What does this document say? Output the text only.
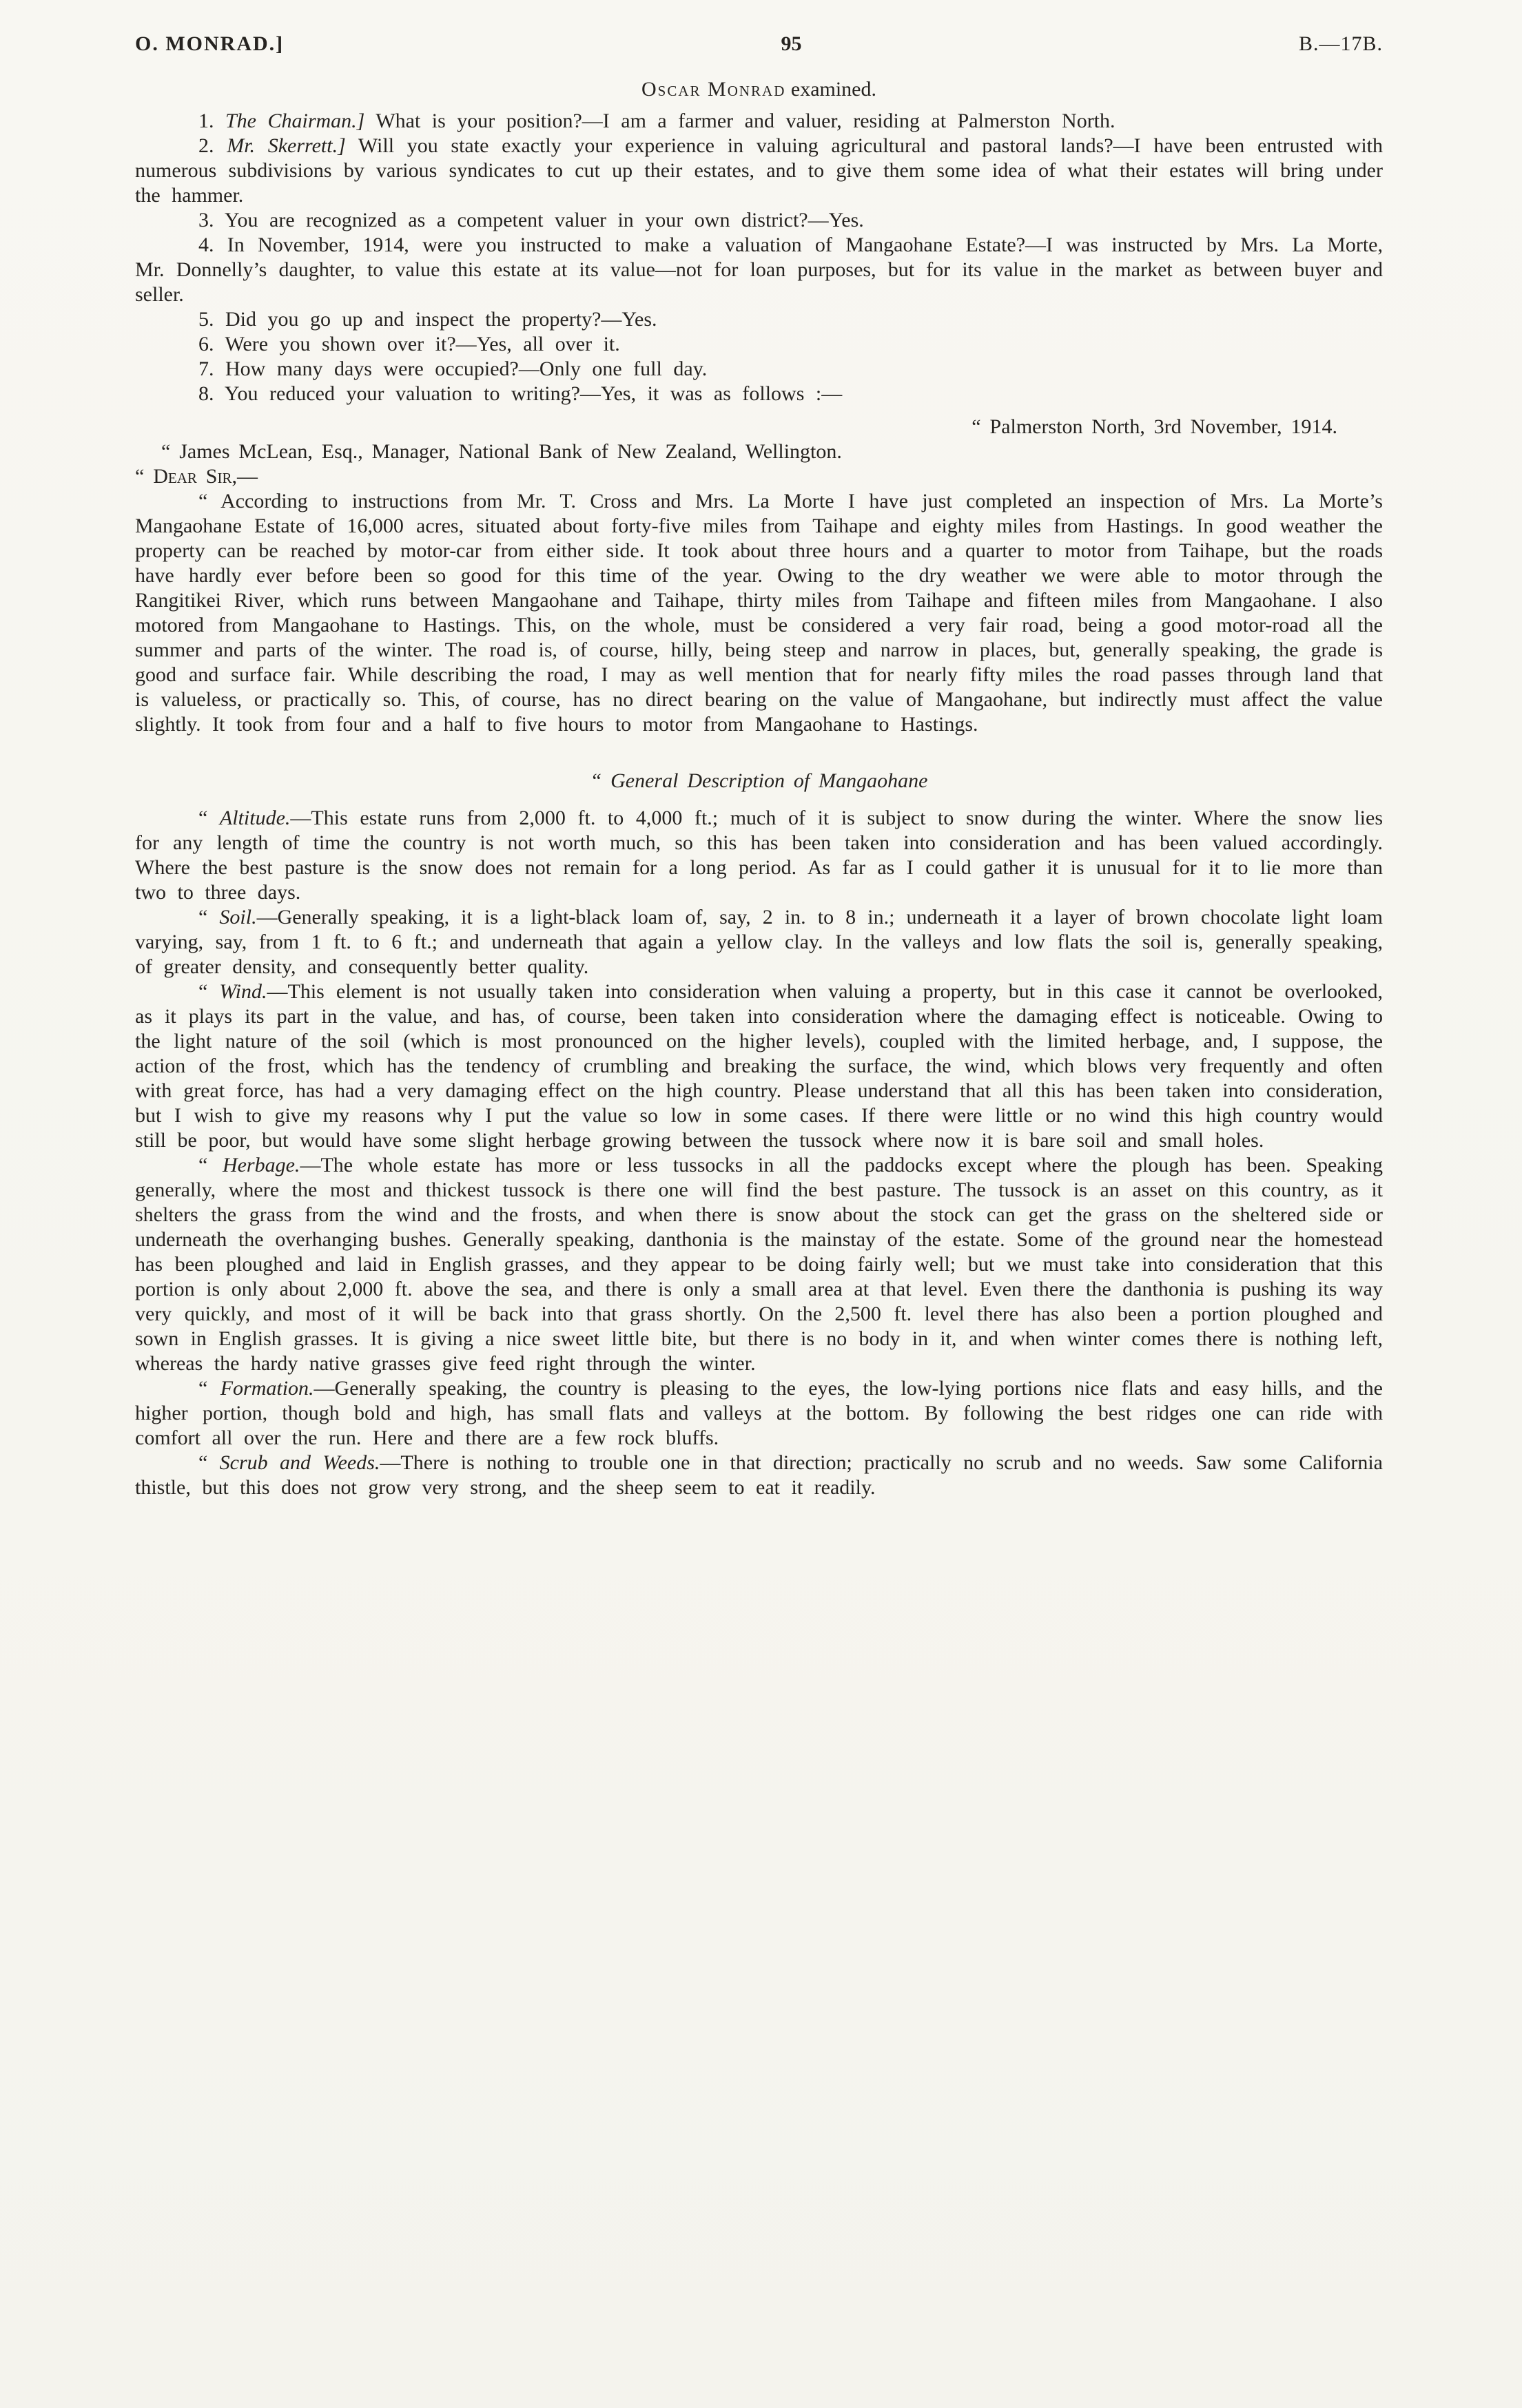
O. MONRAD.]	95	B.—17B.
Oscar Monrad examined.

1. The Chairman.] What is your position?—I am a farmer and valuer, residing at Palmerston North.

2. Mr. Skerrett.] Will you state exactly your experience in valuing agricultural and pastoral lands?—I have been entrusted with numerous subdivisions by various syndicates to cut up their estates, and to give them some idea of what their estates will bring under the hammer.

3. You are recognized as a competent valuer in your own district?—Yes.

4. In November, 1914, were you instructed to make a valuation of Mangaohane Estate?—I was instructed by Mrs. La Morte, Mr. Donnelly’s daughter, to value this estate at its value—not for loan purposes, but for its value in the market as between buyer and seller.

5. Did you go up and inspect the property?—Yes.

6. Were you shown over it?—Yes, all over it.

7. How many days were occupied?—Only one full day.

8. You reduced your valuation to writing?—Yes, it was as follows :—

“ Palmerston North, 3rd November, 1914.

“ James McLean, Esq., Manager, National Bank of New Zealand, Wellington.

“ Dear Sir,—

“ According to instructions from Mr. T. Cross and Mrs. La Morte I have just completed an inspection of Mrs. La Morte’s Mangaohane Estate of 16,000 acres, situated about forty-five miles from Taihape and eighty miles from Hastings. In good weather the property can be reached by motor-car from either side. It took about three hours and a quarter to motor from Taihape, but the roads have hardly ever before been so good for this time of the year. Owing to the dry weather we were able to motor through the Rangitikei River, which runs between Mangaohane and Taihape, thirty miles from Taihape and fifteen miles from Mangaohane. I also motored from Mangaohane to Hastings. This, on the whole, must be considered a very fair road, being a good motor-road all the summer and parts of the winter. The road is, of course, hilly, being steep and narrow in places, but, generally speaking, the grade is good and surface fair. While describing the road, I may as well mention that for nearly fifty miles the road passes through land that is valueless, or practically so. This, of course, has no direct bearing on the value of Mangaohane, but indirectly must affect the value slightly. It took from four and a half to five hours to motor from Mangaohane to Hastings.

“ General Description of Mangaohane

“ Altitude.—This estate runs from 2,000 ft. to 4,000 ft.; much of it is subject to snow during the winter. Where the snow lies for any length of time the country is not worth much, so this has been taken into consideration and has been valued accordingly. Where the best pasture is the snow does not remain for a long period. As far as I could gather it is unusual for it to lie more than two to three days.

“ Soil.—Generally speaking, it is a light-black loam of, say, 2 in. to 8 in.; underneath it a layer of brown chocolate light loam varying, say, from 1 ft. to 6 ft.; and underneath that again a yellow clay. In the valleys and low flats the soil is, generally speaking, of greater density, and consequently better quality.

“ Wind.—This element is not usually taken into consideration when valuing a property, but in this case it cannot be overlooked, as it plays its part in the value, and has, of course, been taken into consideration where the damaging effect is noticeable. Owing to the light nature of the soil (which is most pronounced on the higher levels), coupled with the limited herbage, and, I suppose, the action of the frost, which has the tendency of crumbling and breaking the surface, the wind, which blows very frequently and often with great force, has had a very damaging effect on the high country. Please understand that all this has been taken into consideration, but I wish to give my reasons why I put the value so low in some cases. If there were little or no wind this high country would still be poor, but would have some slight herbage growing between the tussock where now it is bare soil and small holes.

“ Herbage.—The whole estate has more or less tussocks in all the paddocks except where the plough has been. Speaking generally, where the most and thickest tussock is there one will find the best pasture. The tussock is an asset on this country, as it shelters the grass from the wind and the frosts, and when there is snow about the stock can get the grass on the sheltered side or underneath the overhanging bushes. Generally speaking, danthonia is the mainstay of the estate. Some of the ground near the homestead has been ploughed and laid in English grasses, and they appear to be doing fairly well; but we must take into consideration that this portion is only about 2,000 ft. above the sea, and there is only a small area at that level. Even there the danthonia is pushing its way very quickly, and most of it will be back into that grass shortly. On the 2,500 ft. level there has also been a portion ploughed and sown in English grasses. It is giving a nice sweet little bite, but there is no body in it, and when winter comes there is nothing left, whereas the hardy native grasses give feed right through the winter.

“ Formation.—Generally speaking, the country is pleasing to the eyes, the low-lying portions nice flats and easy hills, and the higher portion, though bold and high, has small flats and valleys at the bottom. By following the best ridges one can ride with comfort all over the run. Here and there are a few rock bluffs.

“ Scrub and Weeds.—There is nothing to trouble one in that direction; practically no scrub and no weeds. Saw some California thistle, but this does not grow very strong, and the sheep seem to eat it readily.
